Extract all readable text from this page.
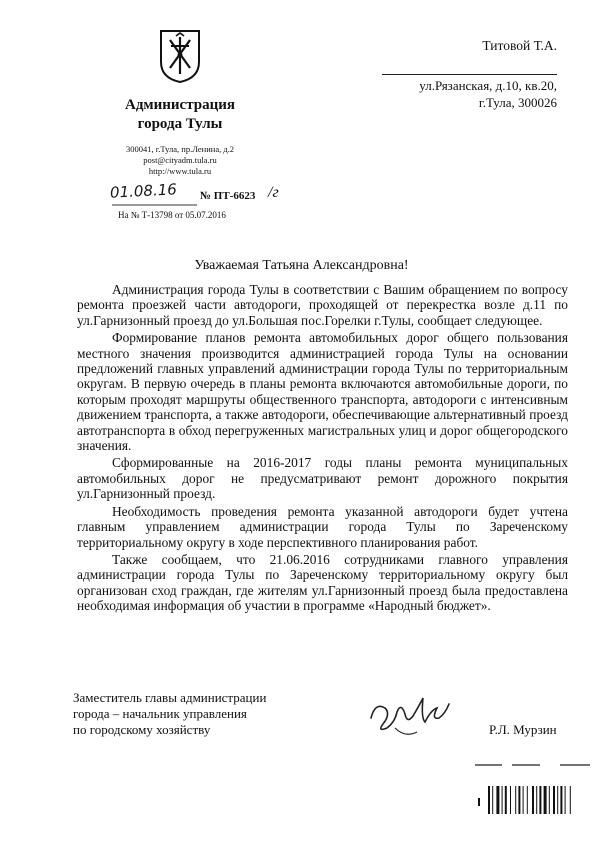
Администрация
города Тулы
300041, г.Тула, пр.Ленина, д.2
post@cityadm.tula.ru
http://www.tula.ru
01.08.16 № ПТ-6623 /г
На № Т-13798 от 05.07.2016
Титовой Т.А.
ул.Рязанская, д.10, кв.20,
г.Тула, 300026
Уважаемая Татьяна Александровна!

Администрация города Тулы в соответствии с Вашим обращением по вопросу ремонта проезжей части автодороги, проходящей от перекрестка возле д.11 по ул.Гарнизонный проезд до ул.Большая пос.Горелки г.Тулы, сообщает следующее.

Формирование планов ремонта автомобильных дорог общего пользования местного значения производится администрацией города Тулы на основании предложений главных управлений администрации города Тулы по территориальным округам. В первую очередь в планы ремонта включаются автомобильные дороги, по которым проходят маршруты общественного транспорта, автодороги с интенсивным движением транспорта, а также автодороги, обеспечивающие альтернативный проезд автотранспорта в обход перегруженных магистральных улиц и дорог общегородского значения.

Сформированные на 2016-2017 годы планы ремонта муниципальных автомобильных дорог не предусматривают ремонт дорожного покрытия ул.Гарнизонный проезд.

Необходимость проведения ремонта указанной автодороги будет учтена главным управлением администрации города Тулы по Зареченскому территориальному округу в ходе перспективного планирования работ.

Также сообщаем, что 21.06.2016 сотрудниками главного управления администрации города Тулы по Зареченскому территориальному округу был организован сход граждан, где жителям ул.Гарнизонный проезд была предоставлена необходимая информация об участии в программе «Народный бюджет».

Заместитель главы администрации
города – начальник управления
по городскому хозяйству	Р.Л. Мурзин
